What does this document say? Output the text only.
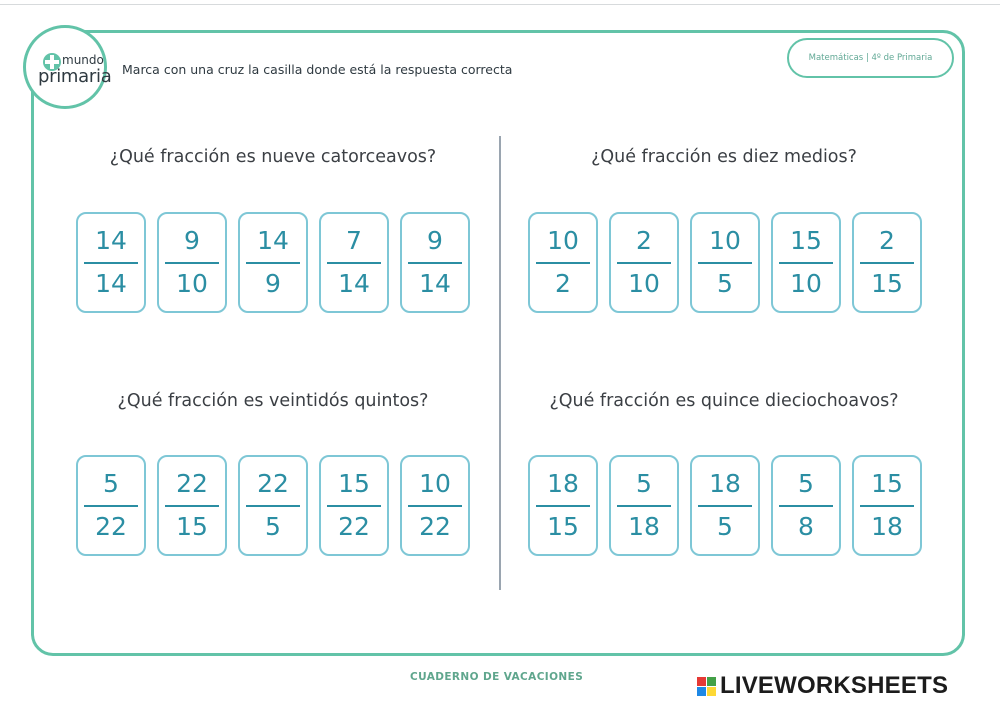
mundo
primaria Marca con una cruz la casilla donde está la respuesta correcta
Matemáticas | 4º de Primaria
¿Qué fracción es nueve catorceavos?
$\frac{14}{14} \frac{9}{10} \frac{14}{9} \frac{7}{14} \frac{9}{14}$
¿Qué fracción es diez medios?
$\frac{10}{2} \frac{2}{10} \frac{10}{5} \frac{15}{10} \frac{2}{15}$
¿Qué fracción es veintidós quintos?
$\frac{5}{22} \frac{22}{15} \frac{22}{5} \frac{15}{22} \frac{10}{22}$
¿Qué fracción es quince dieciochoavos?
$\frac{18}{15} \frac{5}{18} \frac{18}{5} \frac{5}{8} \frac{15}{18}$
CUADERNO DE VACACIONES	LIVEWORKSHEETS
